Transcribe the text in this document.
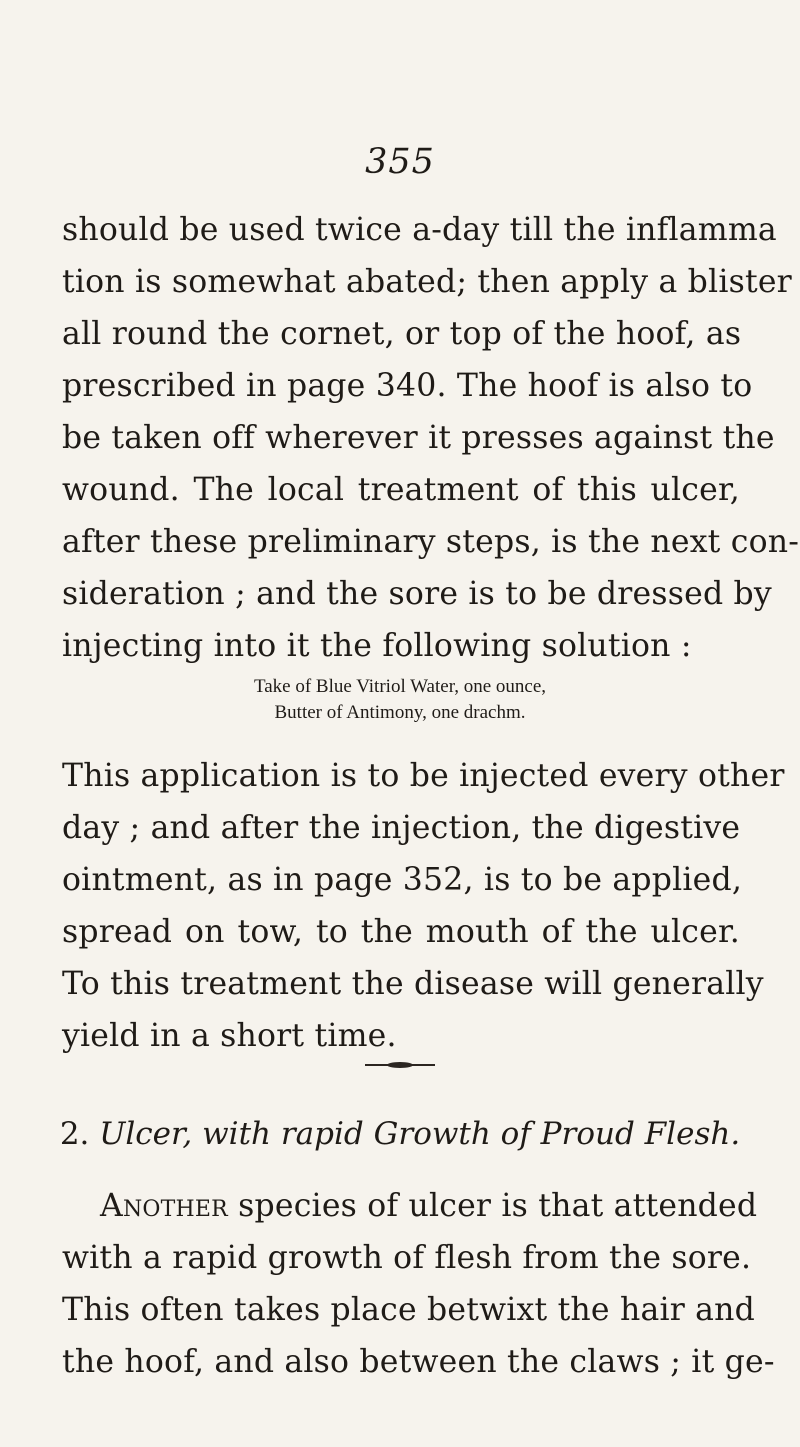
355
should be used twice a-day till the inflamma
tion is somewhat abated; then apply a blister
all round the cornet, or top of the hoof, as
prescribed in page 340. The hoof is also to
be taken off wherever it presses against the
wound. The local treatment of this ulcer,
after these preliminary steps, is the next con-
sideration ; and the sore is to be dressed by
injecting into it the following solution :
Take of Blue Vitriol Water, one ounce,
Butter of Antimony, one drachm.
This application is to be injected every other
day ; and after the injection, the digestive
ointment, as in page 352, is to be applied,
spread on tow, to the mouth of the ulcer.
To this treatment the disease will generally
yield in a short time.
2. Ulcer, with rapid Growth of Proud Flesh.
Another species of ulcer is that attended
with a rapid growth of flesh from the sore.
This often takes place betwixt the hair and
the hoof, and also between the claws ; it ge-
